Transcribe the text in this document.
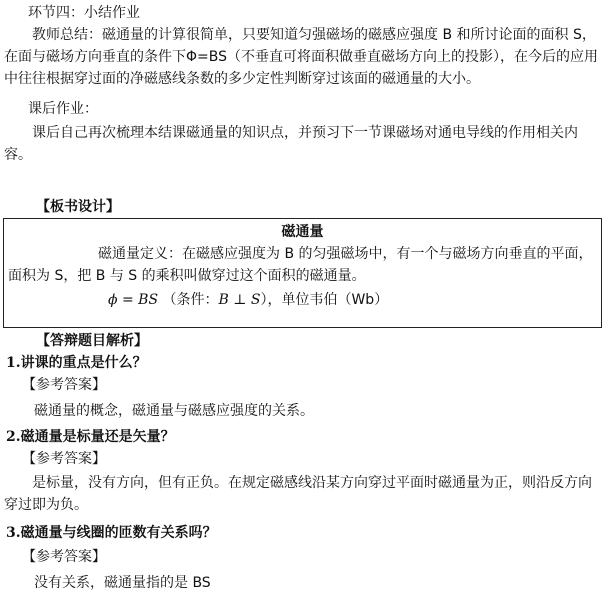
环节四：小结作业
教师总结：磁通量的计算很简单，只要知道匀强磁场的磁感应强度 B 和所讨论面的面积 S，在面与磁场方向垂直的条件下Φ=BS（不垂直可将面积做垂直磁场方向上的投影），在今后的应用中往往根据穿过面的净磁感线条数的多少定性判断穿过该面的磁通量的大小。
课后作业：
课后自己再次梳理本结课磁通量的知识点，并预习下一节课磁场对通电导线的作用相关内容。
【板书设计】
磁通量
磁通量定义：在磁感应强度为 B 的匀强磁场中，有一个与磁场方向垂直的平面，面积为 S，把 B 与 S 的乘积叫做穿过这个面积的磁通量。
ϕ = BS （条件：B ⊥ S），单位韦伯（Wb）
【答辩题目解析】
1.讲课的重点是什么？
【参考答案】
磁通量的概念，磁通量与磁感应强度的关系。
2.磁通量是标量还是矢量？
【参考答案】
是标量，没有方向，但有正负。在规定磁感线沿某方向穿过平面时磁通量为正，则沿反方向穿过即为负。
3.磁通量与线圈的匝数有关系吗？
【参考答案】
没有关系，磁通量指的是 BS
